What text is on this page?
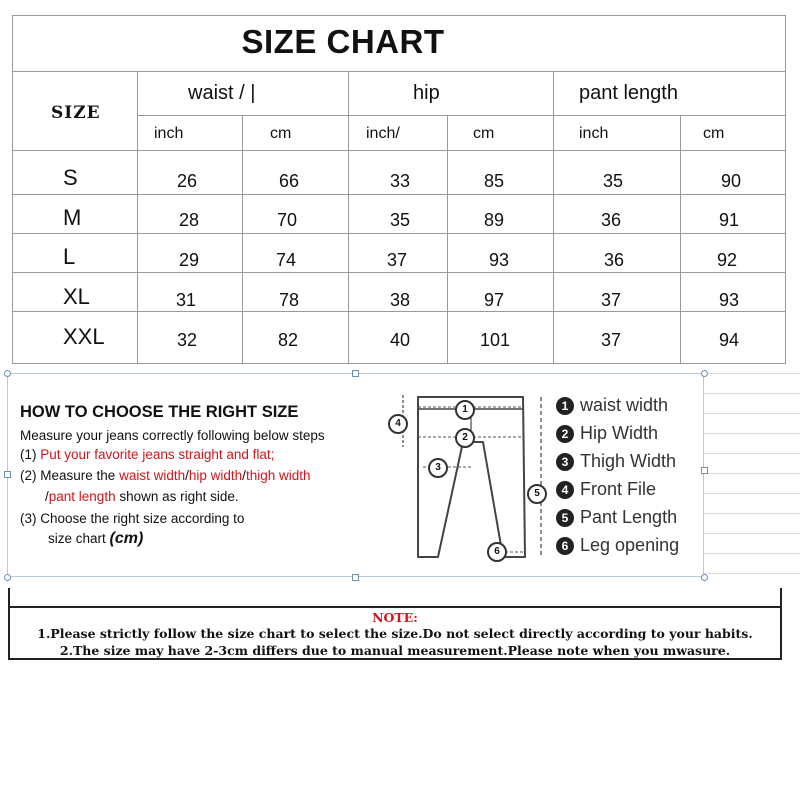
SIZE CHART
SIZE
waist / |	hip	pant length
inch	cm	inch/	cm	inch	cm
S	26	66	33	85	35	90
M	28	70	35	89	36	91
L	29	74	37	93	36	92
XL	31	78	38	97	37	93
XXL	32	82	40	101	37	94
HOW TO CHOOSE THE RIGHT SIZE
Measure your jeans correctly following below steps
(1) Put your favorite jeans straight and flat;
(2) Measure the waist width/hip width/thigh width
/pant length shown as right side.
(3) Choose the right size according to
size chart (cm)
1
2
3
4
5
6
1 waist width
2 Hip Width
3 Thigh Width
4 Front File
5 Pant Length
6 Leg opening
NOTE:
1.Please strictly follow the size chart to select the size.Do not select directly according to your habits.
2.The size may have 2-3cm differs due to manual measurement.Please note when you mwasure.
